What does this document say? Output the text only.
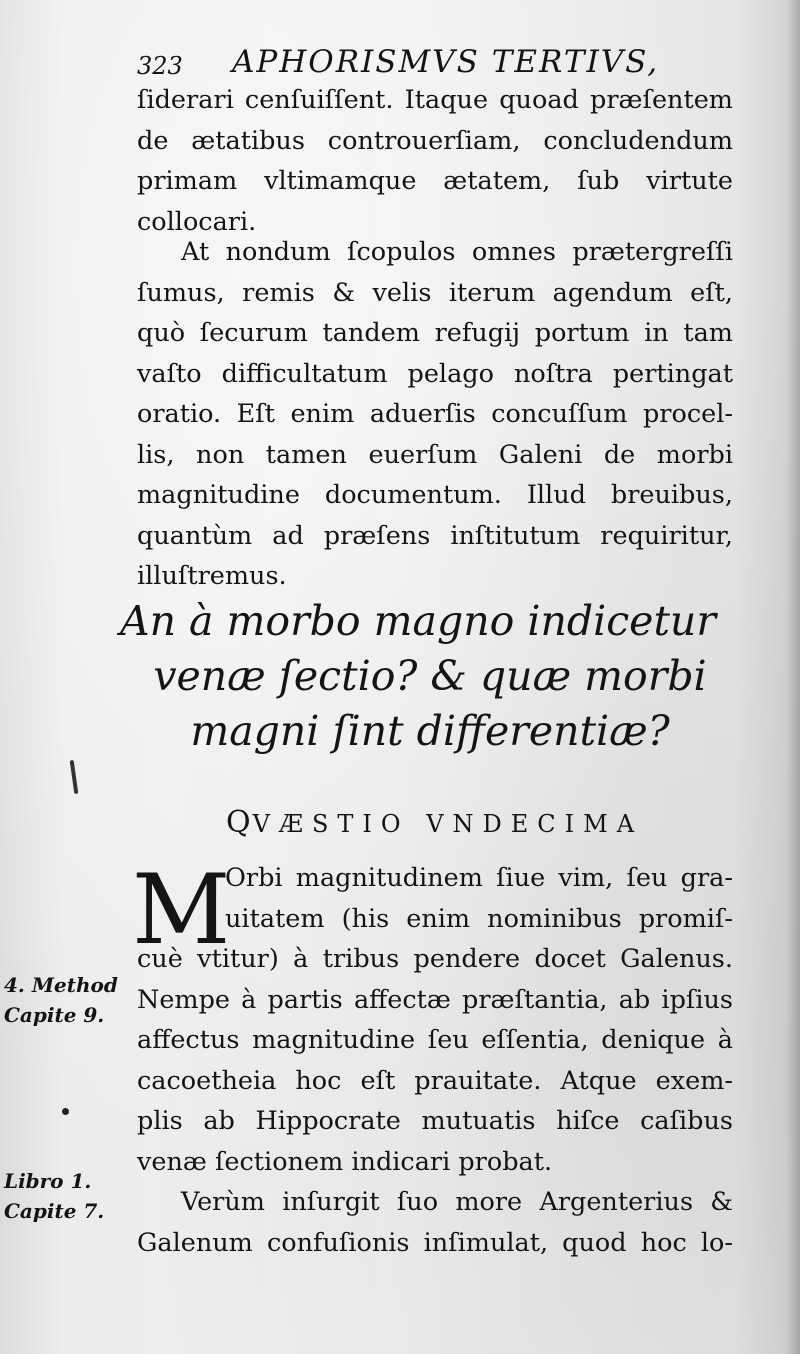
323 APHORISMVS TERTIVS,
ſiderari cenſuiſſent. Itaque quoad præſentem
de ætatibus controuerſiam, concludendum
primam vltimamque ætatem, ſub virtute
collocari.
At nondum ſcopulos omnes prætergreſſi
ſumus, remis & velis iterum agendum eſt,
quò ſecurum tandem refugij portum in tam
vaſto difficultatum pelago noſtra pertingat
oratio. Eſt enim aduerſis concuſſum procel-
lis, non tamen euerſum Galeni de morbi
magnitudine documentum. Illud breuibus,
quantùm ad præſens inſtitutum requiritur,
illuſtremus.
An à morbo magno indicetur
venæ ſectio? & quæ morbi
magni ſint differentiæ?
QVÆSTIO VNDECIMA
M
Orbi magnitudinem ſiue vim, ſeu gra-
uitatem (his enim nominibus promiſ-
cuè vtitur) à tribus pendere docet Galenus.
Nempe à partis affectæ præſtantia, ab ipſius
affectus magnitudine ſeu eſſentia, denique à
cacoetheia hoc eſt prauitate. Atque exem-
plis ab Hippocrate mutuatis hiſce caſibus
venæ ſectionem indicari probat.
Verùm inſurgit ſuo more Argenterius &
Galenum confuſionis inſimulat, quod hoc lo-
4. Method
Capite 9.
Libro 1.
Capite 7.
